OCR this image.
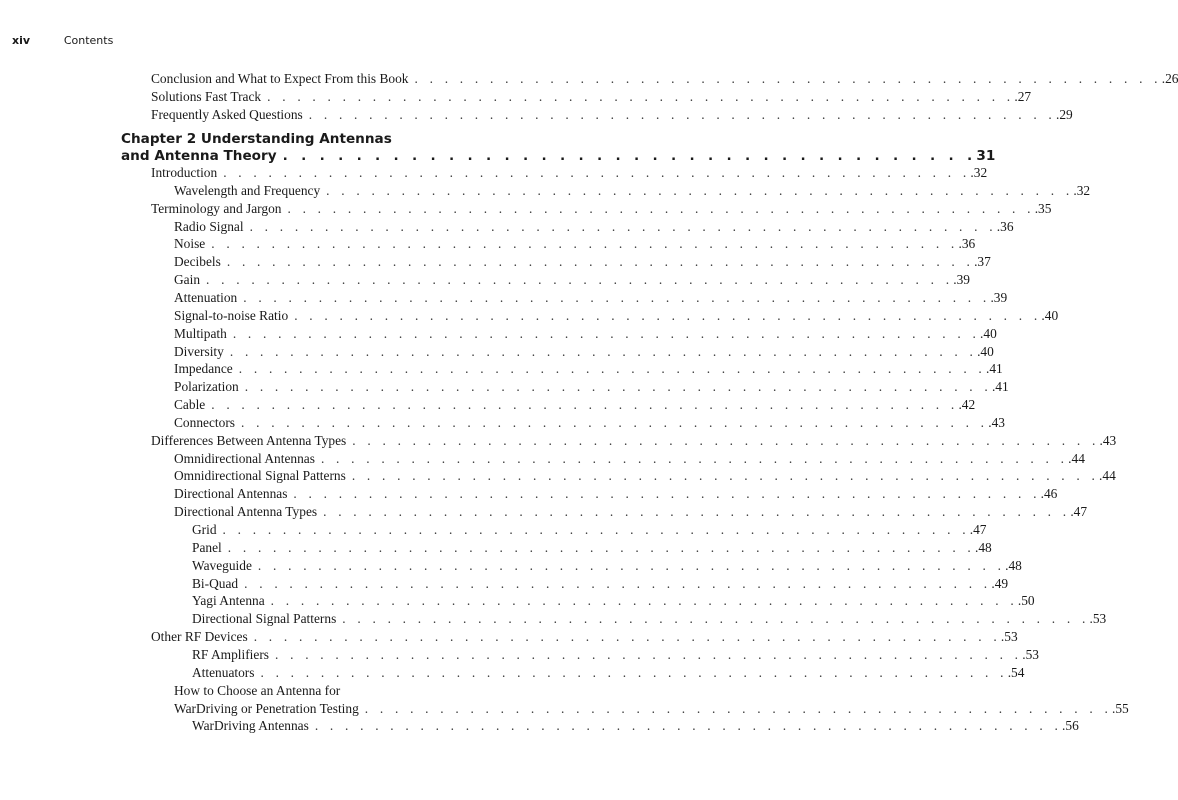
xiv	Contents
Chapter 2 Understanding Antennas
and Antenna Theory . . . . . . . . . . . . . . . . . . . . . . . . . . . . . . . . . . . . . . 31
Conclusion and What to Expect From this Book . . . . . . . . . . . . . . . . . . . . . . . . . . . . . . . . . . . . . . . . . . . . . . . . . . .26
Solutions Fast Track . . . . . . . . . . . . . . . . . . . . . . . . . . . . . . . . . . . . . . . . . . . . . . . . . . .27
Frequently Asked Questions . . . . . . . . . . . . . . . . . . . . . . . . . . . . . . . . . . . . . . . . . . . . . . . . . . .29
Introduction . . . . . . . . . . . . . . . . . . . . . . . . . . . . . . . . . . . . . . . . . . . . . . . . . . .32
Wavelength and Frequency . . . . . . . . . . . . . . . . . . . . . . . . . . . . . . . . . . . . . . . . . . . . . . . . . . .32
Terminology and Jargon . . . . . . . . . . . . . . . . . . . . . . . . . . . . . . . . . . . . . . . . . . . . . . . . . . .35
Radio Signal . . . . . . . . . . . . . . . . . . . . . . . . . . . . . . . . . . . . . . . . . . . . . . . . . . .36
Noise . . . . . . . . . . . . . . . . . . . . . . . . . . . . . . . . . . . . . . . . . . . . . . . . . . .36
Decibels . . . . . . . . . . . . . . . . . . . . . . . . . . . . . . . . . . . . . . . . . . . . . . . . . . .37
Gain . . . . . . . . . . . . . . . . . . . . . . . . . . . . . . . . . . . . . . . . . . . . . . . . . . .39
Attenuation . . . . . . . . . . . . . . . . . . . . . . . . . . . . . . . . . . . . . . . . . . . . . . . . . . .39
Signal-to-noise Ratio . . . . . . . . . . . . . . . . . . . . . . . . . . . . . . . . . . . . . . . . . . . . . . . . . . .40
Multipath . . . . . . . . . . . . . . . . . . . . . . . . . . . . . . . . . . . . . . . . . . . . . . . . . . .40
Diversity . . . . . . . . . . . . . . . . . . . . . . . . . . . . . . . . . . . . . . . . . . . . . . . . . . .40
Impedance . . . . . . . . . . . . . . . . . . . . . . . . . . . . . . . . . . . . . . . . . . . . . . . . . . .41
Polarization . . . . . . . . . . . . . . . . . . . . . . . . . . . . . . . . . . . . . . . . . . . . . . . . . . .41
Cable . . . . . . . . . . . . . . . . . . . . . . . . . . . . . . . . . . . . . . . . . . . . . . . . . . .42
Connectors . . . . . . . . . . . . . . . . . . . . . . . . . . . . . . . . . . . . . . . . . . . . . . . . . . .43
Differences Between Antenna Types . . . . . . . . . . . . . . . . . . . . . . . . . . . . . . . . . . . . . . . . . . . . . . . . . . .43
Omnidirectional Antennas . . . . . . . . . . . . . . . . . . . . . . . . . . . . . . . . . . . . . . . . . . . . . . . . . . .44
Omnidirectional Signal Patterns . . . . . . . . . . . . . . . . . . . . . . . . . . . . . . . . . . . . . . . . . . . . . . . . . . .44
Directional Antennas . . . . . . . . . . . . . . . . . . . . . . . . . . . . . . . . . . . . . . . . . . . . . . . . . . .46
Directional Antenna Types . . . . . . . . . . . . . . . . . . . . . . . . . . . . . . . . . . . . . . . . . . . . . . . . . . .47
Grid . . . . . . . . . . . . . . . . . . . . . . . . . . . . . . . . . . . . . . . . . . . . . . . . . . .47
Panel . . . . . . . . . . . . . . . . . . . . . . . . . . . . . . . . . . . . . . . . . . . . . . . . . . .48
Waveguide . . . . . . . . . . . . . . . . . . . . . . . . . . . . . . . . . . . . . . . . . . . . . . . . . . .48
Bi-Quad . . . . . . . . . . . . . . . . . . . . . . . . . . . . . . . . . . . . . . . . . . . . . . . . . . .49
Yagi Antenna . . . . . . . . . . . . . . . . . . . . . . . . . . . . . . . . . . . . . . . . . . . . . . . . . . .50
Directional Signal Patterns . . . . . . . . . . . . . . . . . . . . . . . . . . . . . . . . . . . . . . . . . . . . . . . . . . .53
Other RF Devices . . . . . . . . . . . . . . . . . . . . . . . . . . . . . . . . . . . . . . . . . . . . . . . . . . .53
RF Amplifiers . . . . . . . . . . . . . . . . . . . . . . . . . . . . . . . . . . . . . . . . . . . . . . . . . . .53
Attenuators . . . . . . . . . . . . . . . . . . . . . . . . . . . . . . . . . . . . . . . . . . . . . . . . . . .54
How to Choose an Antenna for
WarDriving or Penetration Testing . . . . . . . . . . . . . . . . . . . . . . . . . . . . . . . . . . . . . . . . . . . . . . . . . . .55
WarDriving Antennas . . . . . . . . . . . . . . . . . . . . . . . . . . . . . . . . . . . . . . . . . . . . . . . . . . .56
